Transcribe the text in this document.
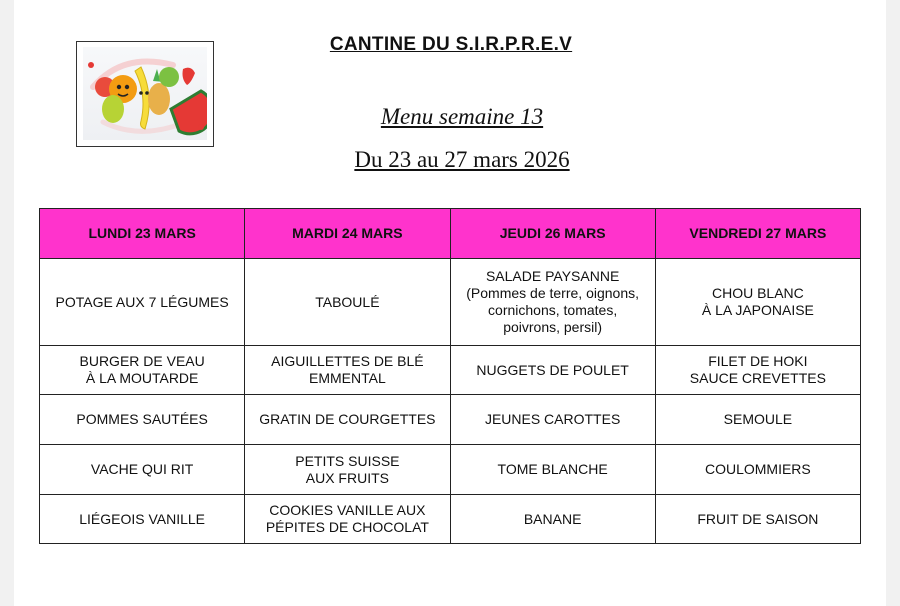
CANTINE DU S.I.R.P.R.E.V
Menu semaine 13
Du 23 au 27 mars 2026
LUNDI 23 MARS	MARDI 24 MARS	JEUDI 26 MARS	VENDREDI 27 MARS

POTAGE AUX 7 LÉGUMES	TABOULÉ	SALADE PAYSANNE
(Pommes de terre, oignons,
cornichons, tomates,
poivrons, persil)	CHOU BLANC
À LA JAPONAISE

BURGER DE VEAU
À LA MOUTARDE	AIGUILLETTES DE BLÉ
EMMENTAL	NUGGETS DE POULET	FILET DE HOKI
SAUCE CREVETTES

POMMES SAUTÉES	GRATIN DE COURGETTES	JEUNES CAROTTES	SEMOULE

VACHE QUI RIT	PETITS SUISSE
AUX FRUITS	TOME BLANCHE	COULOMMIERS

LIÉGEOIS VANILLE	COOKIES VANILLE AUX
PÉPITES DE CHOCOLAT	BANANE	FRUIT DE SAISON
